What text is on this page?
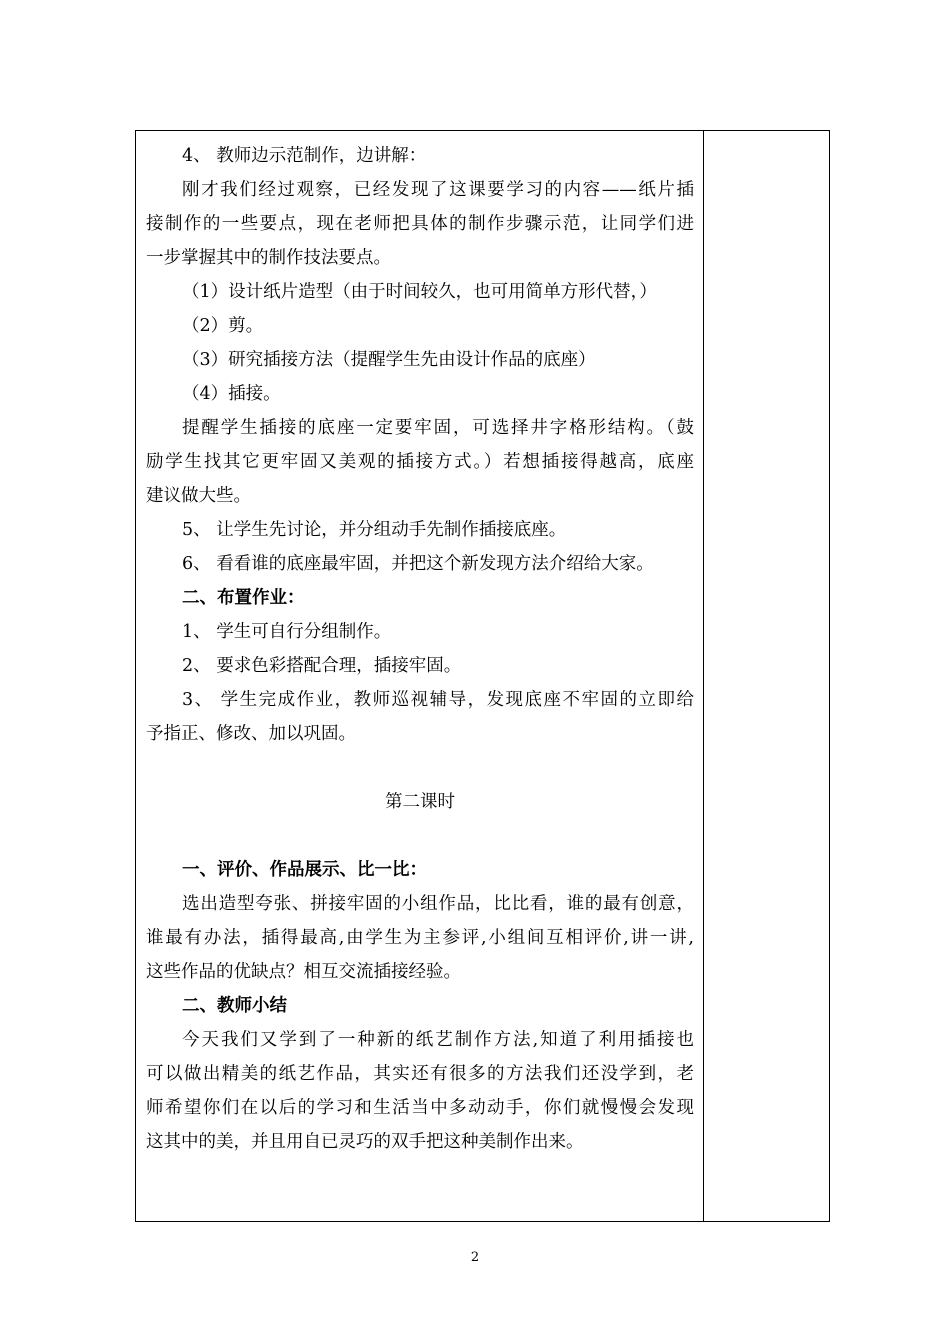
4、 教师边示范制作，边讲解：

刚才我们经过观察，已经发现了这课要学习的内容——纸片插

接制作的一些要点，现在老师把具体的制作步骤示范，让同学们进

一步掌握其中的制作技法要点。

（1）设计纸片造型（由于时间较久，也可用简单方形代替，）

（2）剪。

（3）研究插接方法（提醒学生先由设计作品的底座）

（4）插接。

提醒学生插接的底座一定要牢固，可选择井字格形结构。（鼓

励学生找其它更牢固又美观的插接方式。）若想插接得越高，底座

建议做大些。

5、 让学生先讨论，并分组动手先制作插接底座。

6、 看看谁的底座最牢固，并把这个新发现方法介绍给大家。

二、布置作业：

1、 学生可自行分组制作。

2、 要求色彩搭配合理，插接牢固。

3、 学生完成作业，教师巡视辅导，发现底座不牢固的立即给

予指正、修改、加以巩固。

第二课时

一、评价、作品展示、比一比：

选出造型夸张、拼接牢固的小组作品，比比看，谁的最有创意，

谁最有办法，插得最高,由学生为主参评,小组间互相评价,讲一讲,

这些作品的优缺点？相互交流插接经验。

二、教师小结

今天我们又学到了一种新的纸艺制作方法,知道了利用插接也

可以做出精美的纸艺作品，其实还有很多的方法我们还没学到，老

师希望你们在以后的学习和生活当中多动动手，你们就慢慢会发现

这其中的美，并且用自已灵巧的双手把这种美制作出来。

2
